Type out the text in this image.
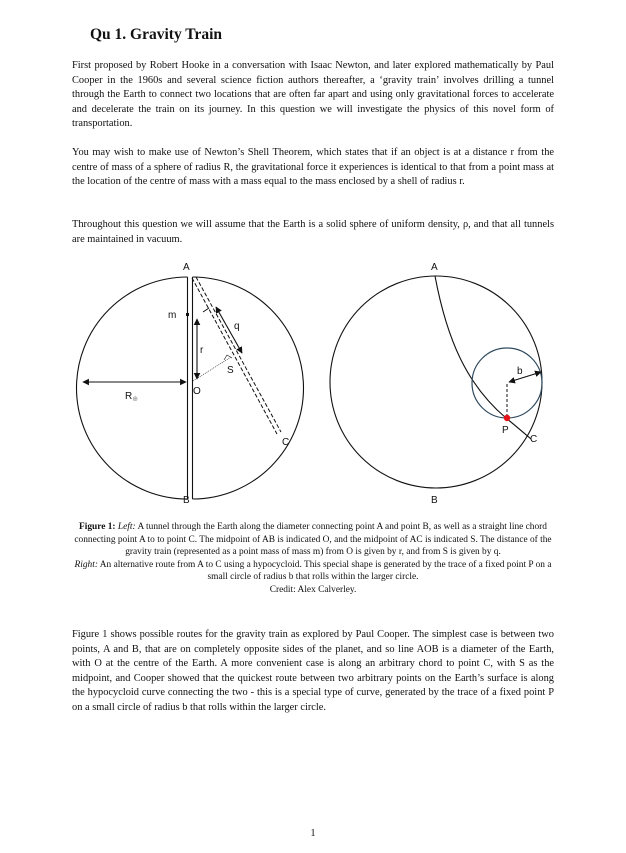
Qu 1. Gravity Train

First proposed by Robert Hooke in a conversation with Isaac Newton, and later explored mathematically by Paul Cooper in the 1960s and several science fiction authors thereafter, a ‘gravity train’ involves drilling a tunnel through the Earth to connect two locations that are often far apart and using only gravitational forces to accelerate and decelerate the train on its journey. In this question we will investigate the physics of this novel form of transportation.

You may wish to make use of Newton’s Shell Theorem, which states that if an object is at a distance r from the centre of mass of a sphere of radius R, the gravitational force it experiences is identical to that from a point mass at the location of the centre of mass with a mass equal to the mass enclosed by a shell of radius r.

Throughout this question we will assume that the Earth is a solid sphere of uniform density, ρ, and that all tunnels are maintained in vacuum.

A
B
C
O
S
m
r
q
$R_\oplus$
A
B
C
P
b
Figure 1: Left: A tunnel through the Earth along the diameter connecting point A and point B, as well as a straight line chord connecting point A to to point C. The midpoint of AB is indicated O, and the midpoint of AC is indicated S. The distance of the gravity train (represented as a point mass of mass m) from O is given by r, and from S is given by q.
Right: An alternative route from A to C using a hypocycloid. This special shape is generated by the trace of a fixed point P on a small circle of radius b that rolls within the larger circle.
Credit: Alex Calverley.

Figure 1 shows possible routes for the gravity train as explored by Paul Cooper. The simplest case is between two points, A and B, that are on completely opposite sides of the planet, and so line AOB is a diameter of the Earth, with O at the centre of the Earth. A more convenient case is along an arbitrary chord to point C, with S as the midpoint, and Cooper showed that the quickest route between two arbitrary points on the Earth’s surface is along the hypocycloid curve connecting the two - this is a special type of curve, generated by the trace of a fixed point P on a small circle of radius b that rolls within the larger circle.

1
